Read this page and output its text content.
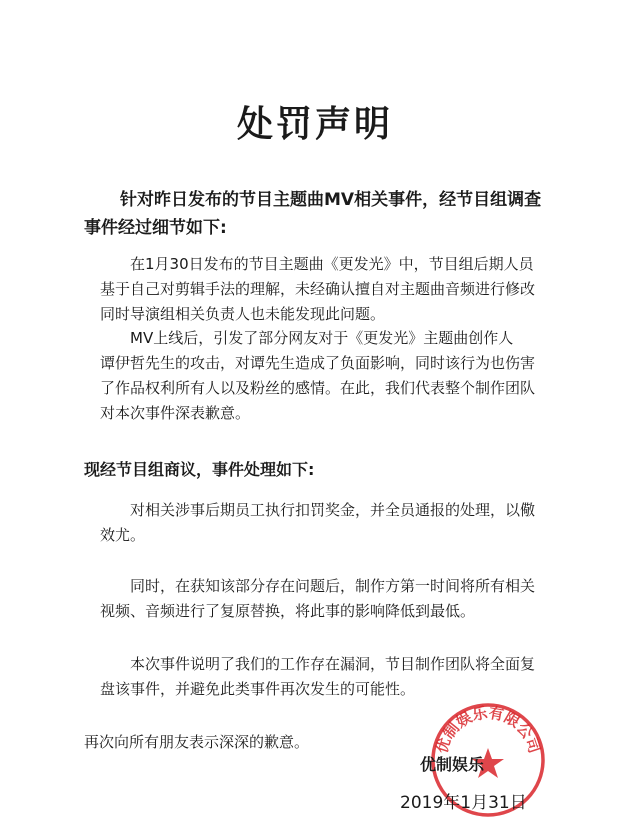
处罚声明
针对昨日发布的节目主题曲MV相关事件，经节目组调查
事件经过细节如下:
在1月30日发布的节目主题曲《更发光》中，节目组后期人员
基于自己对剪辑手法的理解，未经确认擅自对主题曲音频进行修改同时导演组相关负责人也未能发现此问题。
MV上线后，引发了部分网友对于《更发光》主题曲创作人
谭伊哲先生的攻击，对谭先生造成了负面影响，同时该行为也伤害了作品权利所有人以及粉丝的感情。在此，我们代表整个制作团队对本次事件深表歉意。
现经节目组商议，事件处理如下:
对相关涉事后期员工执行扣罚奖金，并全员通报的处理，以儆
效尤。
同时，在获知该部分存在问题后，制作方第一时间将所有相关
视频、音频进行了复原替换，将此事的影响降低到最低。
本次事件说明了我们的工作存在漏洞，节目制作团队将全面复
盘该事件，并避免此类事件再次发生的可能性。
再次向所有朋友表示深深的歉意。	优制娱乐有限公司
优制娱乐
2019年1月31日
